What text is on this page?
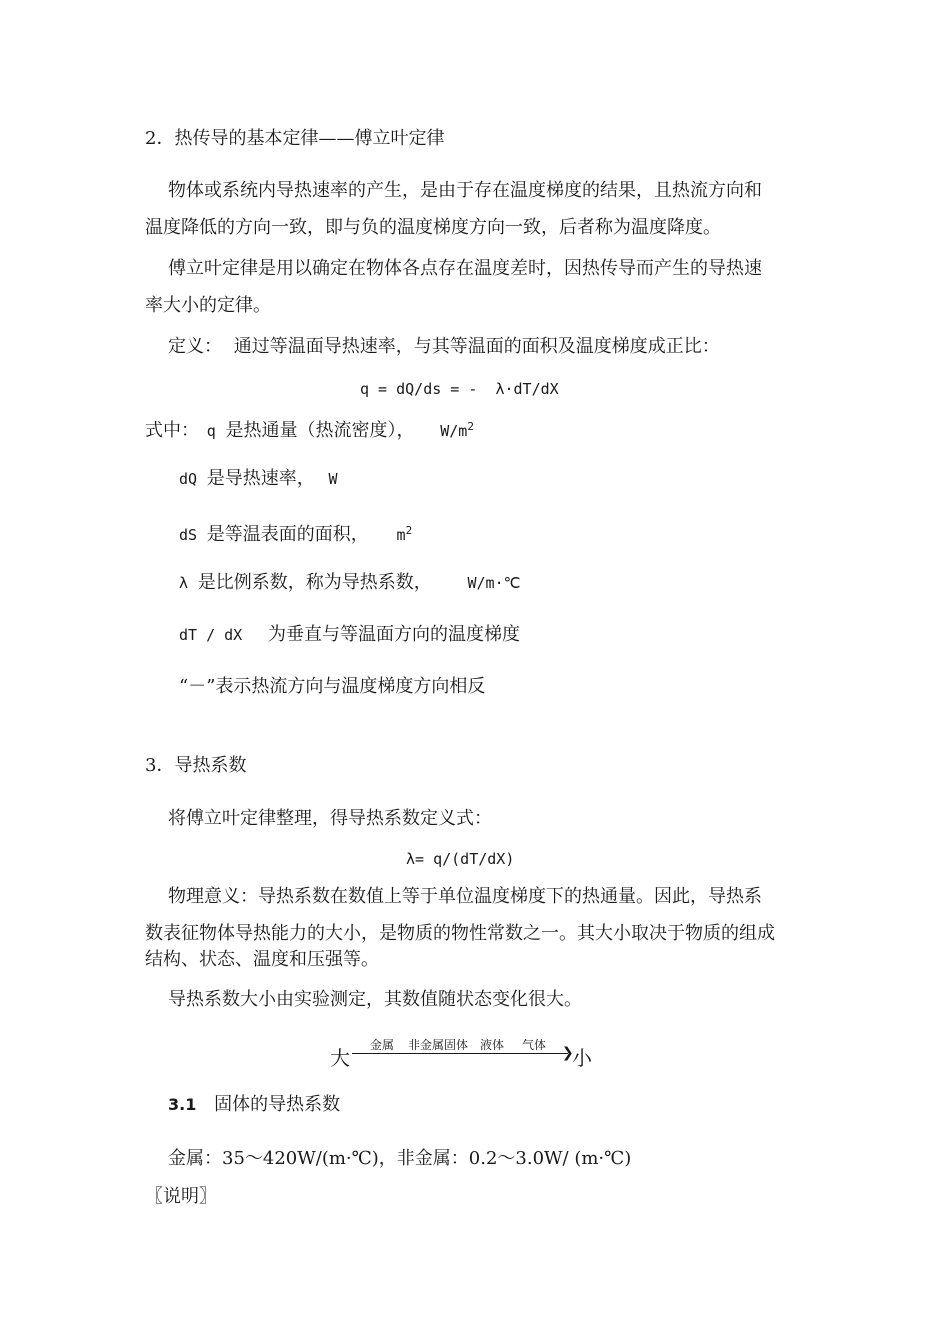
2．热传导的基本定律——傅立叶定律
物体或系统内导热速率的产生，是由于存在温度梯度的结果，且热流方向和
温度降低的方向一致，即与负的温度梯度方向一致，后者称为温度降度。
傅立叶定律是用以确定在物体各点存在温度差时，因热传导而产生的导热速
率大小的定律。
定义： 通过等温面导热速率，与其等温面的面积及温度梯度成正比：
q = dQ/ds = -  λ·dT/dX
式中： q 是热通量（热流密度）， $W/m^2$
dQ 是导热速率， W
dS 是等温表面的面积， $m^2$
λ 是比例系数，称为导热系数， W/m·℃
dT / dX 为垂直与等温面方向的温度梯度
“－”表示热流方向与温度梯度方向相反
3．导热系数
将傅立叶定律整理，得导热系数定义式：
λ= q/(dT/dX)
物理意义：导热系数在数值上等于单位温度梯度下的热通量。因此，导热系
数表征物体导热能力的大小，是物质的物性常数之一。其大小取决于物质的组成
结构、状态、温度和压强等。
导热系数大小由实验测定，其数值随状态变化很大。
大
金属 非金属固体 液体 气体 ❯
小
3.1 固体的导热系数
金属：35～420W/(m·℃)，非金属：0.2～3.0W/ (m·℃)
〖说明〗
